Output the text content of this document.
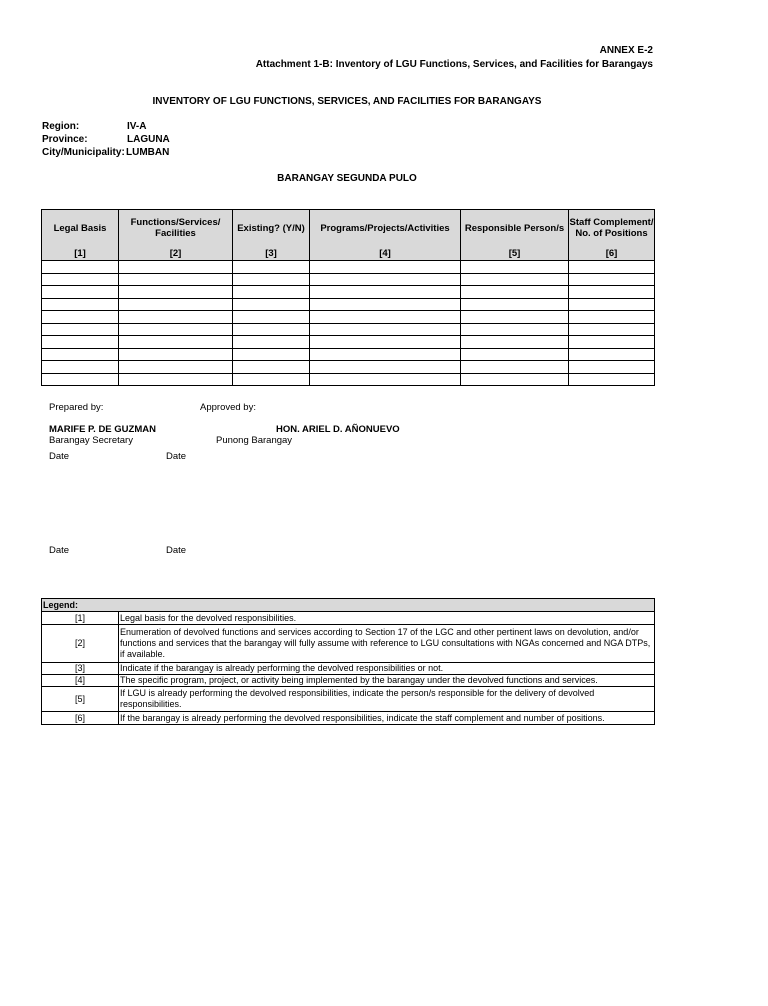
ANNEX E-2
Attachment 1-B: Inventory of LGU Functions, Services, and Facilities for Barangays
INVENTORY OF LGU FUNCTIONS, SERVICES, AND FACILITIES FOR BARANGAYS
Region:	IV-A
Province:	LAGUNA
City/Municipality: LUMBAN
BARANGAY SEGUNDA PULO
Legal Basis	Functions/Services/ Facilities	Existing? (Y/N)	Programs/Projects/Activities	Responsible Person/s	Staff Complement/ No. of Positions
[1]	[2]	[3]	[4]	[5]	[6]

Prepared by:	Approved by:
MARIFE P. DE GUZMAN	HON. ARIEL D. AÑONUEVO
Barangay Secretary	Punong Barangay
Date	Date
$^{Date}$	$^{Date}$
Legend:	
[1]	Legal basis for the devolved responsibilities.
[2]	Enumeration of devolved functions and services according to Section 17 of the LGC and other pertinent laws on devolution, and/or functions and services that the barangay will fully assume with reference to LGU consultations with NGAs concerned and NGA DTPs, if available.
[3]	Indicate if the barangay is already performing the devolved responsibilities or not.
[4]	The specific program, project, or activity being implemented by the barangay under the devolved functions and services.
[5]	If LGU is already performing the devolved responsibilities, indicate the person/s responsible for the delivery of devolved responsibilities.
[6]	If the barangay is already performing the devolved responsibilities, indicate the staff complement and number of positions.
